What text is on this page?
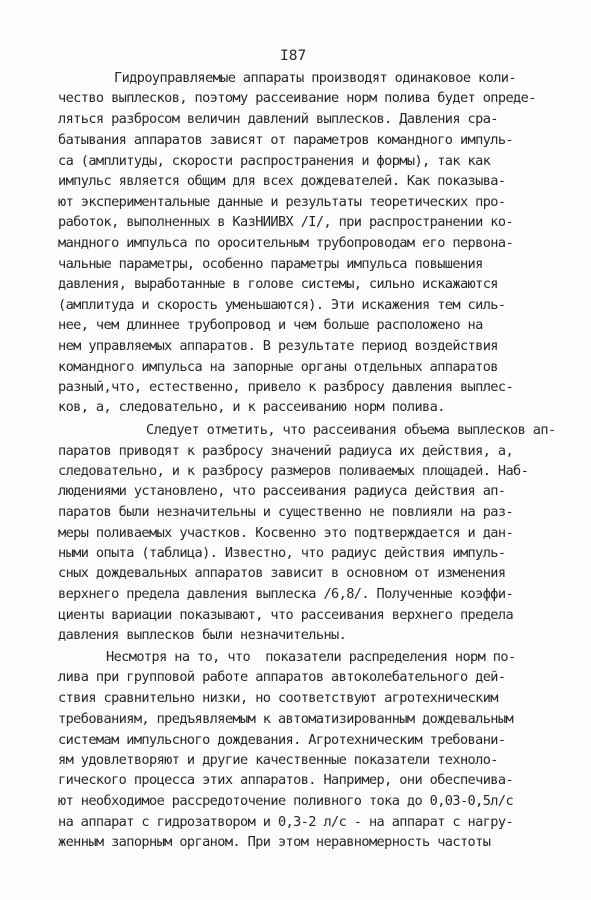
I87
Гидроуправляемые аппараты производят одинаковое коли-
чество выплесков, поэтому рассеивание норм полива будет опреде-
ляться разбросом величин давлений выплесков. Давления сра-
батывания аппаратов зависят от параметров командного импуль-
са (амплитуды, скорости распространения и формы), так как
импульс является общим для всех дождевателей. Как показыва-
ют экспериментальные данные и результаты теоретических про-
работок, выполненных в КазНИИВХ /I/, при распространении ко-
мандного импульса по оросительным трубопроводам его первона-
чальные параметры, особенно параметры импульса повышения
давления, выработанные в голове системы, сильно искажаются
(амплитуда и скорость уменьшаются). Эти искажения тем силь-
нее, чем длиннее трубопровод и чем больше расположено на
нем управляемых аппаратов. В результате период воздействия
командного импульса на запорные органы отдельных аппаратов
разный,что, естественно, привело к разбросу давления выплес-
ков, а, следовательно, и к рассеиванию норм полива.
Следует отметить, что рассеивания объема выплесков ап-
паратов приводят к разбросу значений радиуса их действия, а,
следовательно, и к разбросу размеров поливаемых площадей. Наб-
людениями установлено, что рассеивания радиуса действия ап-
паратов были незначительны и существенно не повлияли на раз-
меры поливаемых участков. Косвенно это подтверждается и дан-
ными опыта (таблица). Известно, что радиус действия импуль-
сных дождевальных аппаратов зависит в основном от изменения
верхнего предела давления выплеска /6,8/. Полученные коэффи-
циенты вариации показывают, что рассеивания верхнего предела
давления выплесков были незначительны.
Несмотря на то, что  показатели распределения норм по-
лива при групповой работе аппаратов автоколебательного дей-
ствия сравнительно низки, но соответствуют агротехническим
требованиям, предъявляемым к автоматизированным дождевальным
системам импульсного дождевания. Агротехническим требовани-
ям удовлетворяют и другие качественные показатели техноло-
гического процесса этих аппаратов. Например, они обеспечива-
ют необходимое рассредоточение поливного тока до 0,03-0,5л/с
на аппарат с гидрозатвором и 0,3-2 л/с - на аппарат с нагру-
женным запорным органом. При этом неравномерность частоты
